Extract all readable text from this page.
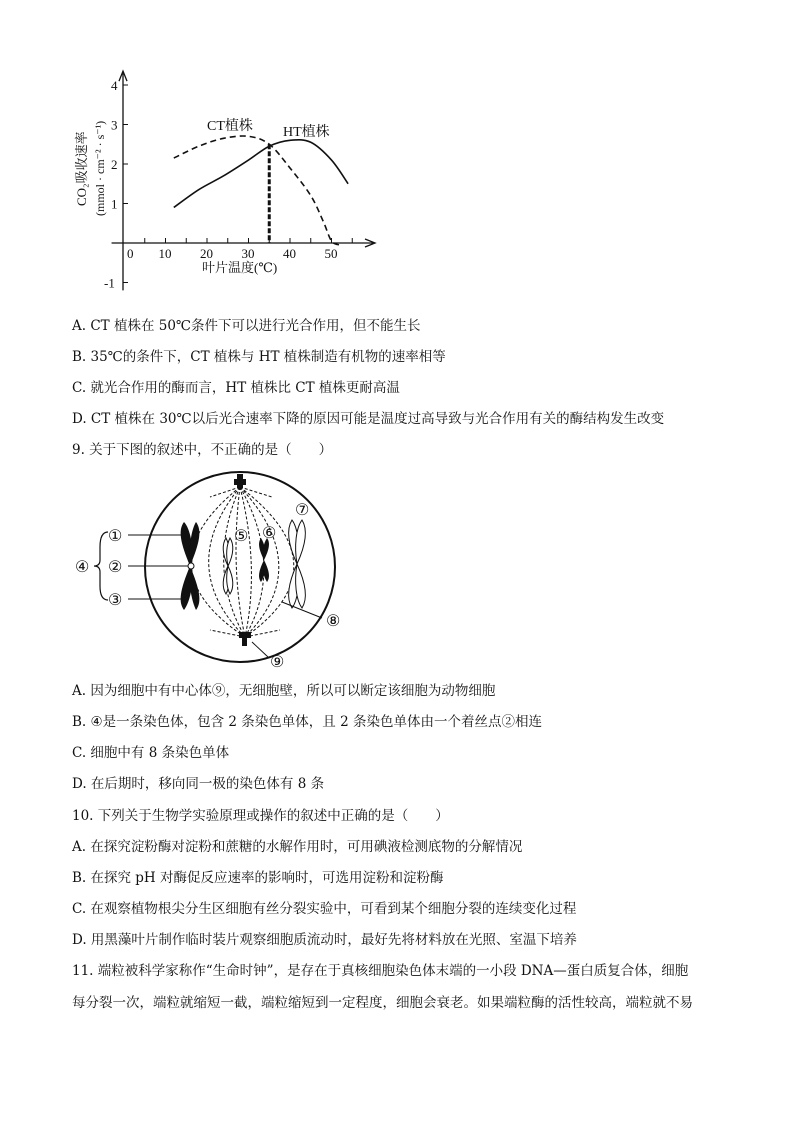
0 10 20 30 40 50
4
3
2
1
-1
CO₂吸收速率 (mmol · cm⁻² · s⁻¹)
叶片温度(℃)
CT植株 HT植株
A. CT 植株在 50℃条件下可以进行光合作用，但不能生长
B. 35℃的条件下，CT 植株与 HT 植株制造有机物的速率相等
C. 就光合作用的酶而言，HT 植株比 CT 植株更耐高温
D. CT 植株在 30℃以后光合速率下降的原因可能是温度过高导致与光合作用有关的酶结构发生改变
9. 关于下图的叙述中，不正确的是（　　）
①
②
③
④
⑤ ⑥
⑦
⑧
⑨
A. 因为细胞中有中心体⑨，无细胞壁，所以可以断定该细胞为动物细胞
B. ④是一条染色体，包含 2 条染色单体，且 2 条染色单体由一个着丝点②相连
C. 细胞中有 8 条染色单体
D. 在后期时，移向同一极的染色体有 8 条
10. 下列关于生物学实验原理或操作的叙述中正确的是（　　）
A. 在探究淀粉酶对淀粉和蔗糖的水解作用时，可用碘液检测底物的分解情况
B. 在探究 pH 对酶促反应速率的影响时，可选用淀粉和淀粉酶
C. 在观察植物根尖分生区细胞有丝分裂实验中，可看到某个细胞分裂的连续变化过程
D. 用黑藻叶片制作临时装片观察细胞质流动时，最好先将材料放在光照、室温下培养
11. 端粒被科学家称作“生命时钟”，是存在于真核细胞染色体末端的一小段 DNA—蛋白质复合体，细胞
每分裂一次，端粒就缩短一截，端粒缩短到一定程度，细胞会衰老。如果端粒酶的活性较高，端粒就不易
